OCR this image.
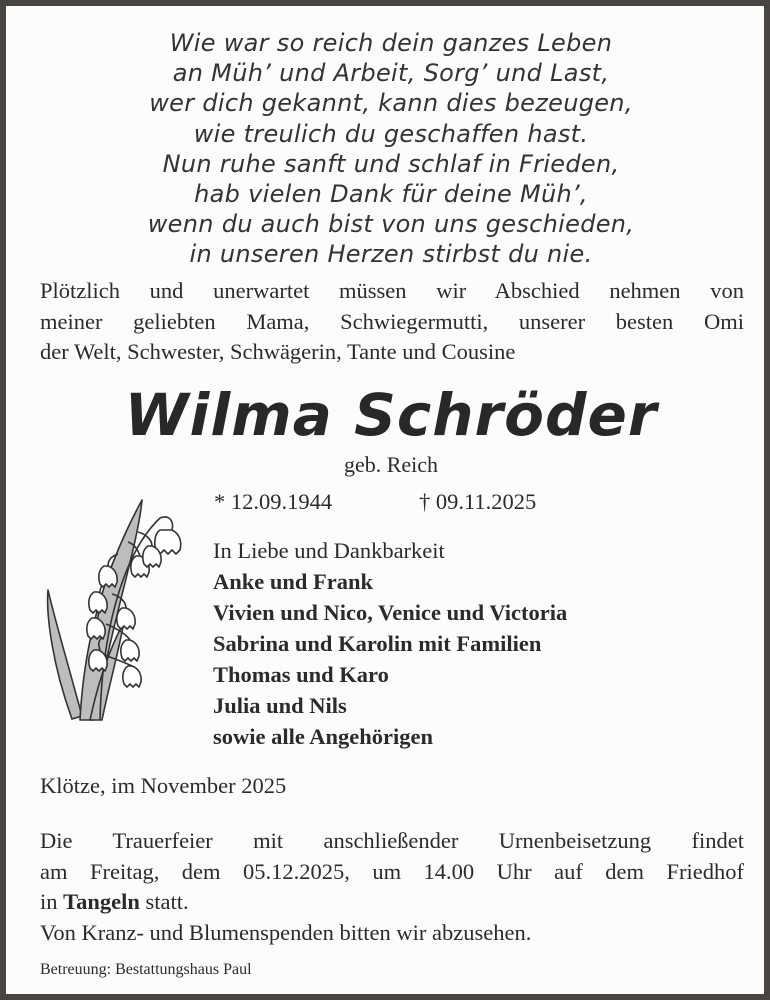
Wie war so reich dein ganzes Leben
an Müh’ und Arbeit, Sorg’ und Last,
wer dich gekannt, kann dies bezeugen,
wie treulich du geschaffen hast.
Nun ruhe sanft und schlaf in Frieden,
hab vielen Dank für deine Müh’,
wenn du auch bist von uns geschieden,
in unseren Herzen stirbst du nie.
Plötzlich und unerwartet müssen wir Abschied nehmen von
meiner geliebten Mama, Schwiegermutti, unserer besten Omi
der Welt, Schwester, Schwägerin, Tante und Cousine
Wilma Schröder
geb. Reich
* 12.09.1944	† 09.11.2025
In Liebe und Dankbarkeit
Anke und Frank
Vivien und Nico, Venice und Victoria
Sabrina und Karolin mit Familien
Thomas und Karo
Julia und Nils
sowie alle Angehörigen
Klötze, im November 2025
Die Trauerfeier mit anschließender Urnenbeisetzung findet
am Freitag, dem 05.12.2025, um 14.00 Uhr auf dem Friedhof
in Tangeln statt.
Von Kranz- und Blumenspenden bitten wir abzusehen.
Betreuung: Bestattungshaus Paul
